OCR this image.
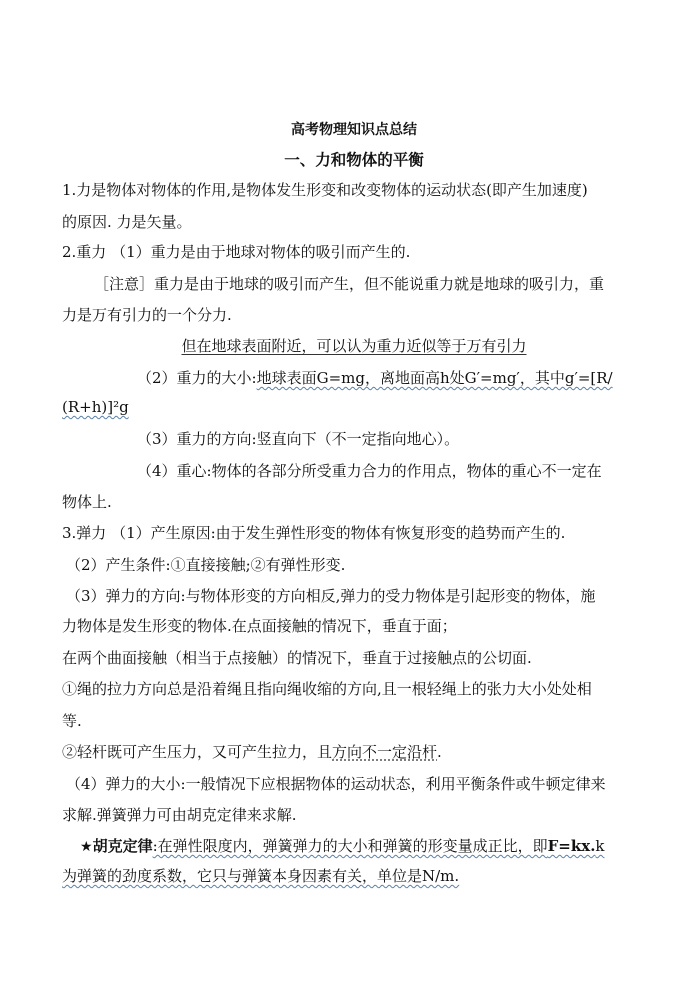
高考物理知识点总结
一、力和物体的平衡
1.力是物体对物体的作用,是物体发生形变和改变物体的运动状态(即产生加速度)
的原因. 力是矢量。
2.重力 （1）重力是由于地球对物体的吸引而产生的.
［注意］重力是由于地球的吸引而产生，但不能说重力就是地球的吸引力，重
力是万有引力的一个分力.
但在地球表面附近，可以认为重力近似等于万有引力
（2）重力的大小:地球表面G=mg，离地面高h处G′=mg′，其中g′=[R/
(R+h)]²g
（3）重力的方向:竖直向下（不一定指向地心）。
（4）重心:物体的各部分所受重力合力的作用点，物体的重心不一定在
物体上.
3.弹力 （1）产生原因:由于发生弹性形变的物体有恢复形变的趋势而产生的.
（2）产生条件:①直接接触;②有弹性形变.
（3）弹力的方向:与物体形变的方向相反,弹力的受力物体是引起形变的物体，施
力物体是发生形变的物体.在点面接触的情况下，垂直于面；
在两个曲面接触（相当于点接触）的情况下，垂直于过接触点的公切面.
①绳的拉力方向总是沿着绳且指向绳收缩的方向,且一根轻绳上的张力大小处处相
等.
②轻杆既可产生压力，又可产生拉力，且方向不一定沿杆.
（4）弹力的大小:一般情况下应根据物体的运动状态，利用平衡条件或牛顿定律来
求解.弹簧弹力可由胡克定律来求解.
★胡克定律:在弹性限度内，弹簧弹力的大小和弹簧的形变量成正比，即F=kx.k
为弹簧的劲度系数，它只与弹簧本身因素有关，单位是N/m.
